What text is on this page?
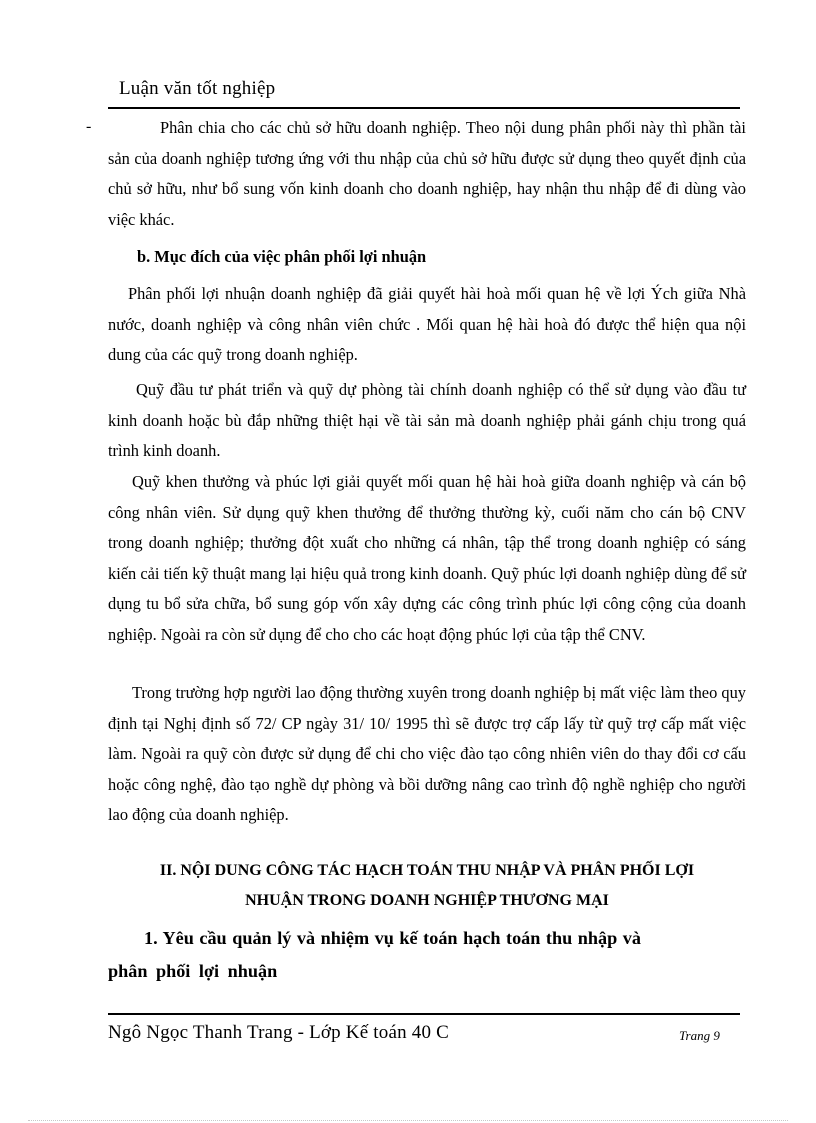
Luận văn tốt nghiệp
-	Phân chia cho các chủ sở hữu doanh nghiệp. Theo nội dung phân phối này thì phần tài sản của doanh nghiệp tương ứng với thu nhập của chủ sở hữu được sử dụng theo quyết định của chủ sở hữu, như bổ sung vốn kinh doanh cho doanh nghiệp, hay nhận thu nhập để đi dùng vào việc khác.

b. Mục đích của việc phân phối lợi nhuận

Phân phối lợi nhuận doanh nghiệp đã giải quyết hài hoà mối quan hệ về lợi Ých giữa Nhà nước, doanh nghiệp và công nhân viên chức . Mối quan hệ hài hoà đó được thể hiện qua nội dung của các quỹ trong doanh nghiệp.

Quỹ đầu tư phát triển và quỹ dự phòng tài chính doanh nghiệp có thể sử dụng vào đầu tư kinh doanh hoặc bù đắp những thiệt hại về tài sản mà doanh nghiệp phải gánh chịu trong quá trình kinh doanh.

Quỹ khen thưởng và phúc lợi giải quyết mối quan hệ hài hoà giữa doanh nghiệp và cán bộ công nhân viên. Sử dụng quỹ khen thưởng để thưởng thường kỳ, cuối năm cho cán bộ CNV trong doanh nghiệp; thưởng đột xuất cho những cá nhân, tập thể trong doanh nghiệp có sáng kiến cải tiến kỹ thuật mang lại hiệu quả trong kinh doanh. Quỹ phúc lợi doanh nghiệp dùng để sử dụng tu bổ sửa chữa, bổ sung góp vốn xây dựng các công trình phúc lợi công cộng của doanh nghiệp. Ngoài ra còn sử dụng để cho cho các hoạt động phúc lợi của tập thể CNV.

Trong trường hợp người lao động thường xuyên trong doanh nghiệp bị mất việc làm theo quy định tại Nghị định số 72/ CP ngày 31/ 10/ 1995 thì sẽ được trợ cấp lấy từ quỹ trợ cấp mất việc làm. Ngoài ra quỹ còn được sử dụng để chi cho việc đào tạo công nhiên viên do thay đổi cơ cấu hoặc công nghệ, đào tạo nghề dự phòng và bồi dưỡng nâng cao trình độ nghề nghiệp cho người lao động của doanh nghiệp.

II. NỘI DUNG CÔNG TÁC HẠCH TOÁN THU NHẬP VÀ PHÂN PHỐI LỢI
NHUẬN TRONG DOANH NGHIỆP THƯƠNG MẠI
1. Yêu cầu quản lý và nhiệm vụ kế toán hạch toán thu nhập và
phân phối lợi nhuận
Ngô Ngọc Thanh Trang - Lớp Kế toán 40 C	Trang 9
